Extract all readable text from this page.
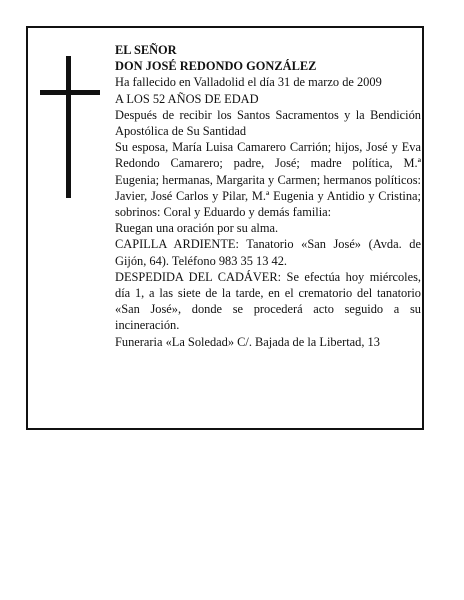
EL SEÑOR

DON JOSÉ REDONDO GONZÁLEZ

Ha fallecido en Valladolid el día 31 de marzo de 2009

A LOS 52 AÑOS DE EDAD

Después de recibir los Santos Sacramentos y la Bendición Apostólica de Su Santidad

Su esposa, María Luisa Camarero Carrión; hijos, José y Eva Redondo Camarero; padre, José; madre política, M.ª Eugenia; hermanas, Margarita y Carmen; hermanos políticos: Javier, José Carlos y Pilar, M.ª Eugenia y Antidio y Cristina; sobrinos: Coral y Eduardo y demás familia:

Ruegan una oración por su alma.

CAPILLA ARDIENTE: Tanatorio «San José» (Avda. de Gijón, 64). Teléfono 983 35 13 42.

DESPEDIDA DEL CADÁVER: Se efectúa hoy miércoles, día 1, a las siete de la tarde, en el crematorio del tanatorio «San José», donde se procederá acto seguido a su incineración.

Funeraria «La Soledad» C/. Bajada de la Libertad, 13
